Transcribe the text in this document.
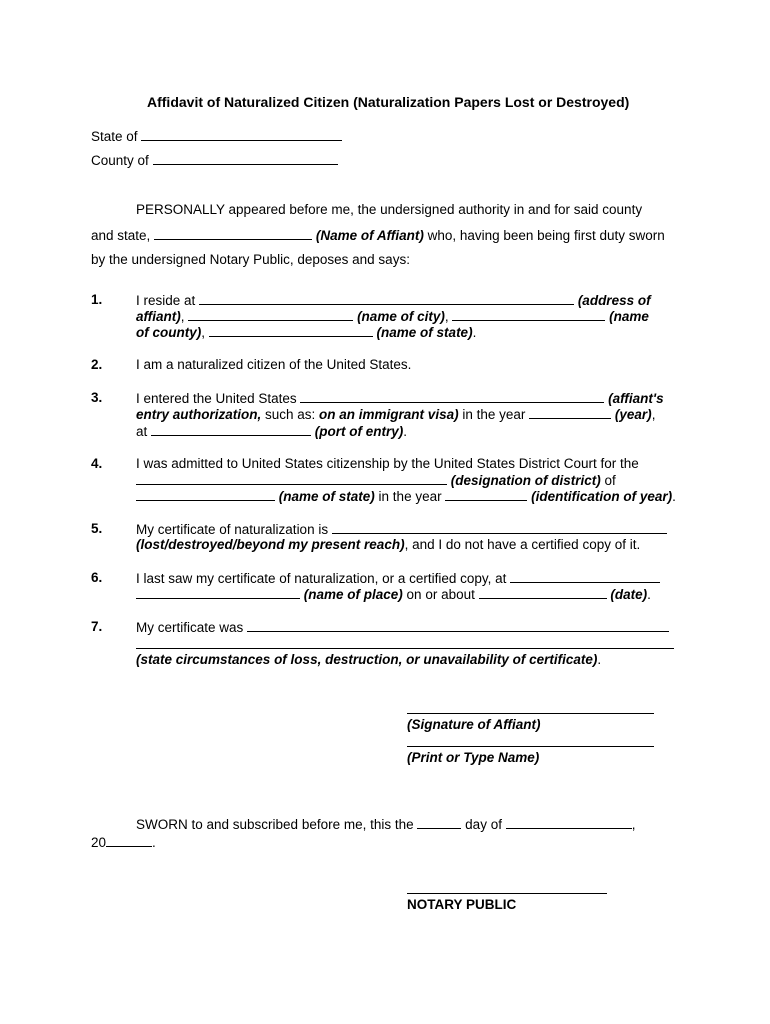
Affidavit of Naturalized Citizen (Naturalization Papers Lost or Destroyed)
State of
County of
PERSONALLY appeared before me, the undersigned authority in and for said county
and state,	(Name of Affiant) who, having been being first duty sworn
by the undersigned Notary Public, deposes and says:
1. I reside at	(address of
affiant),	(name of city),	(name
of county),	(name of state).
2. I am a naturalized citizen of the United States.
3. I entered the United States	(affiant's
entry authorization, such as: on an immigrant visa) in the year	(year),
at	(port of entry).
4. I was admitted to United States citizenship by the United States District Court for the
(designation of district) of
(name of state) in the year	(identification of year).
5. My certificate of naturalization is
(lost/destroyed/beyond my present reach), and I do not have a certified copy of it.
6. I last saw my certificate of naturalization, or a certified copy, at
(name of place) on or about	(date).
7. My certificate was
(state circumstances of loss, destruction, or unavailability of certificate).
(Signature of Affiant)
(Print or Type Name)
SWORN to and subscribed before me, this the	day of	,
20	.
NOTARY PUBLIC
